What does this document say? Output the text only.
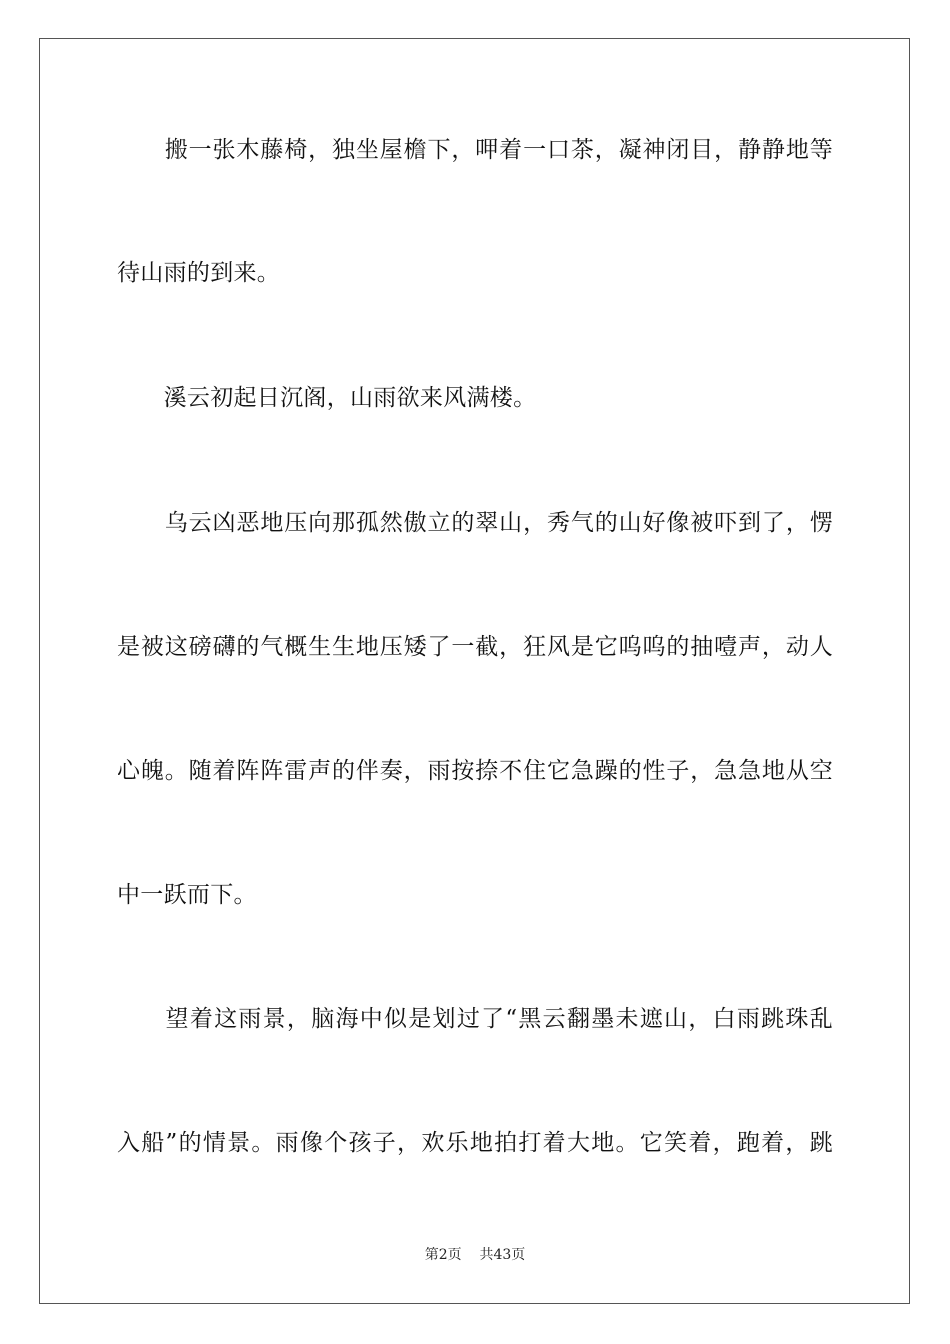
　　搬一张木藤椅，独坐屋檐下，呷着一口茶，凝神闭目，静静地等
待山雨的到来。
　　溪云初起日沉阁，山雨欲来风满楼。
　　乌云凶恶地压向那孤然傲立的翠山，秀气的山好像被吓到了，愣
是被这磅礴的气概生生地压矮了一截，狂风是它呜呜的抽噎声，动人
心魄。随着阵阵雷声的伴奏，雨按捺不住它急躁的性子，急急地从空
中一跃而下。
　　望着这雨景，脑海中似是划过了“黑云翻墨未遮山，白雨跳珠乱
入船”的情景。雨像个孩子，欢乐地拍打着大地。它笑着，跑着，跳
第2页 共43页
